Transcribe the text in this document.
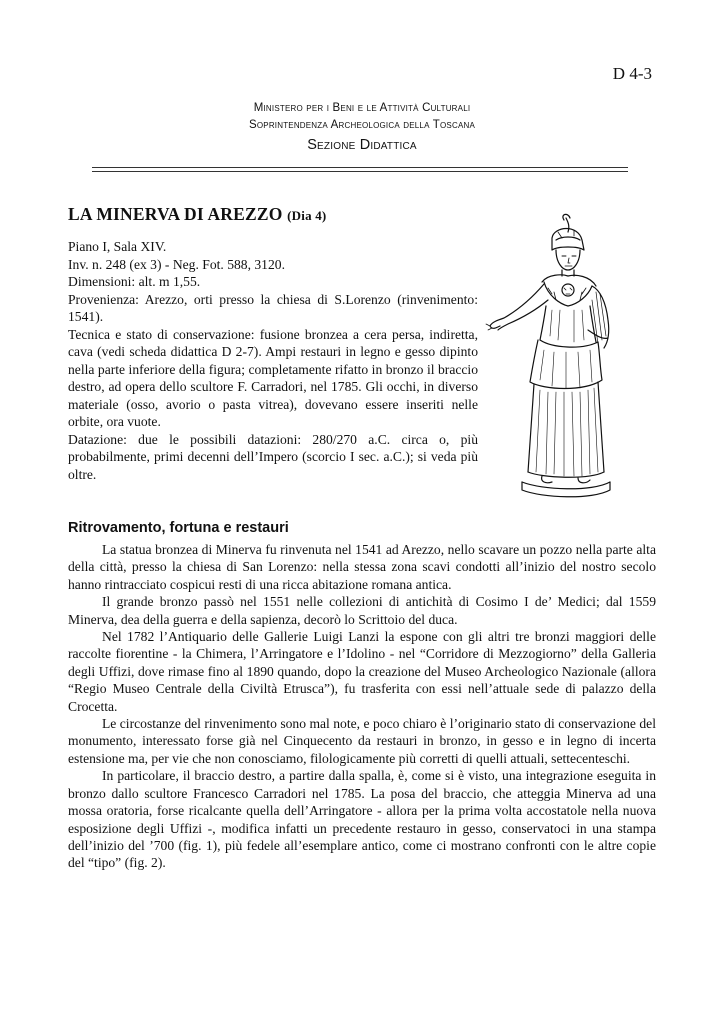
D 4-3
Ministero per i Beni e le Attività Culturali
Soprintendenza Archeologica della Toscana
Sezione Didattica
LA MINERVA DI AREZZO (Dia 4)

Piano I, Sala XIV.

Inv. n. 248 (ex 3) - Neg. Fot. 588, 3120.

Dimensioni: alt. m 1,55.

Provenienza: Arezzo, orti presso la chiesa di S.Lorenzo (rinvenimento: 1541).

Tecnica e stato di conservazione: fusione bronzea a cera persa, indiretta, cava (vedi scheda didattica D 2-7). Ampi restauri in legno e gesso dipinto nella parte inferiore della figura; completamente rifatto in bronzo il braccio destro, ad opera dello scultore F. Carradori, nel 1785. Gli occhi, in diverso materiale (osso, avorio o pasta vitrea), dovevano essere inseriti nelle orbite, ora vuote.

Datazione: due le possibili datazioni: 280/270 a.C. circa o, più probabilmente, primi decenni dell’Impero (scorcio I sec. a.C.); si veda più oltre.

Ritrovamento, fortuna e restauri

La statua bronzea di Minerva fu rinvenuta nel 1541 ad Arezzo, nello scavare un pozzo nella parte alta della città, presso la chiesa di San Lorenzo: nella stessa zona scavi condotti all’inizio del nostro secolo hanno rintracciato cospicui resti di una ricca abitazione romana antica.

Il grande bronzo passò nel 1551 nelle collezioni di antichità di Cosimo I de’ Medici; dal 1559 Minerva, dea della guerra e della sapienza, decorò lo Scrittoio del duca.

Nel 1782 l’Antiquario delle Gallerie Luigi Lanzi la espone con gli altri tre bronzi maggiori delle raccolte fiorentine - la Chimera, l’Arringatore e l’Idolino - nel “Corridore di Mezzogiorno” della Galleria degli Uffizi, dove rimase fino al 1890 quando, dopo la creazione del Museo Archeologico Nazionale (allora “Regio Museo Centrale della Civiltà Etrusca”), fu trasferita con essi nell’attuale sede di palazzo della Crocetta.

Le circostanze del rinvenimento sono mal note, e poco chiaro è l’originario stato di conservazione del monumento, interessato forse già nel Cinquecento da restauri in bronzo, in gesso e in legno di incerta estensione ma, per vie che non conosciamo, filologicamente più corretti di quelli attuali, settecenteschi.

In particolare, il braccio destro, a partire dalla spalla, è, come si è visto, una integrazione eseguita in bronzo dallo scultore Francesco Carradori nel 1785. La posa del braccio, che atteggia Minerva ad una mossa oratoria, forse ricalcante quella dell’Arringatore - allora per la prima volta accostatole nella nuova esposizione degli Uffizi -, modifica infatti un precedente restauro in gesso, conservatoci in una stampa dell’inizio del ’700 (fig. 1), più fedele all’esemplare antico, come ci mostrano confronti con le altre copie del “tipo” (fig. 2).
